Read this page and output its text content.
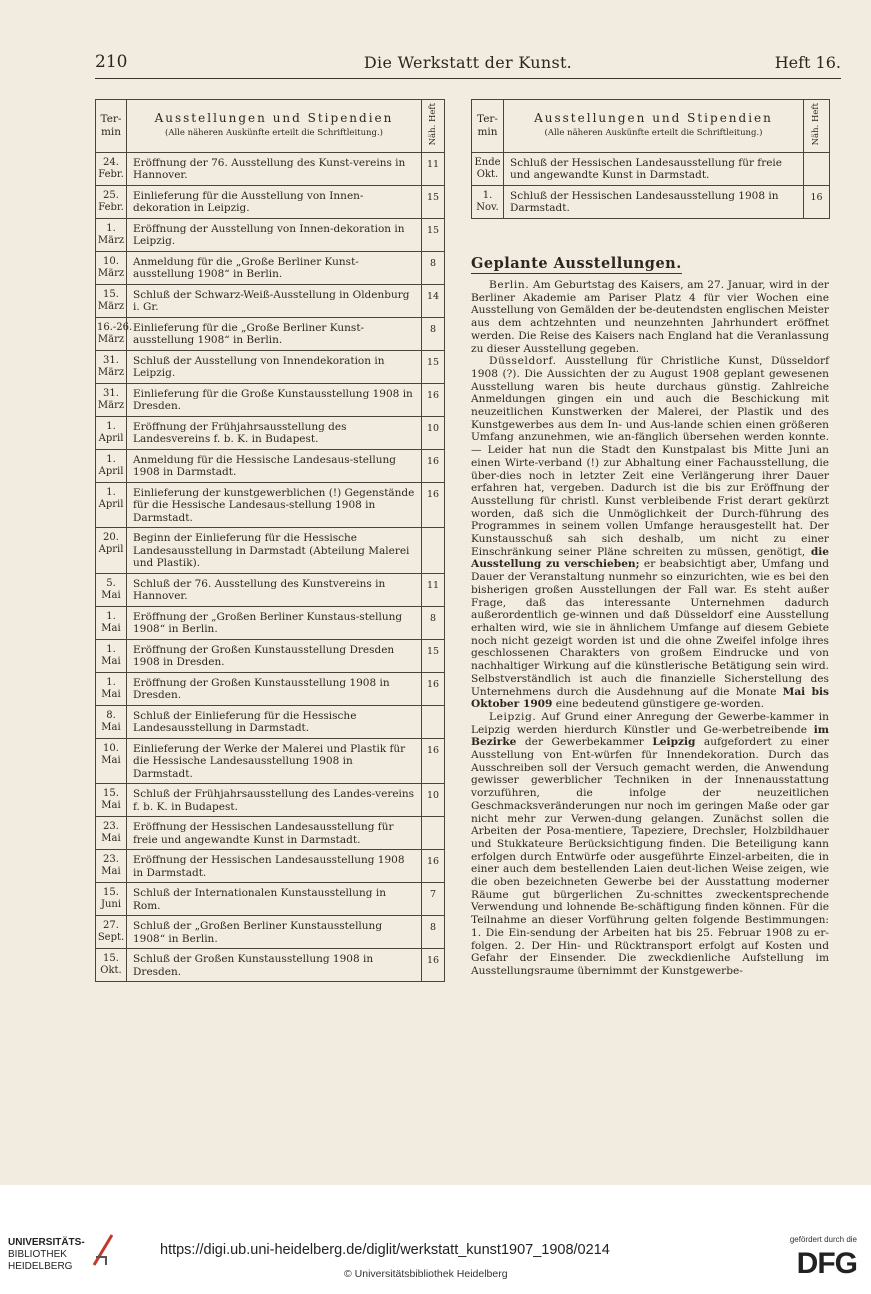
210	Die Werkstatt der Kunst.	Heft 16.
Ter-
min	Ausstellungen und Stipendien
(Alle näheren Auskünfte erteilt die Schriftleitung.)	Näh. Heft
24.
Febr.	Eröffnung der 76. Ausstellung des Kunst-vereins in Hannover.	11
25.
Febr.	Einlieferung für die Ausstellung von Innen-dekoration in Leipzig.	15
1.
März	Eröffnung der Ausstellung von Innen-dekoration in Leipzig.	15
10.
März	Anmeldung für die „Große Berliner Kunst-ausstellung 1908“ in Berlin.	8
15.
März	Schluß der Schwarz-Weiß-Ausstellung in Oldenburg i. Gr.	14
16.-26.
März	Einlieferung für die „Große Berliner Kunst-ausstellung 1908“ in Berlin.	8
31.
März	Schluß der Ausstellung von Innendekoration in Leipzig.	15
31.
März	Einlieferung für die Große Kunstausstellung 1908 in Dresden.	16
1.
April	Eröffnung der Frühjahrsausstellung des Landesvereins f. b. K. in Budapest.	10
1.
April	Anmeldung für die Hessische Landesaus-stellung 1908 in Darmstadt.	16
1.
April	Einlieferung der kunstgewerblichen (!) Gegenstände für die Hessische Landesaus-stellung 1908 in Darmstadt.	16
20.
April	Beginn der Einlieferung für die Hessische Landesausstellung in Darmstadt (Abteilung Malerei und Plastik).	
5.
Mai	Schluß der 76. Ausstellung des Kunstvereins in Hannover.	11
1.
Mai	Eröffnung der „Großen Berliner Kunstaus-stellung 1908“ in Berlin.	8
1.
Mai	Eröffnung der Großen Kunstausstellung Dresden 1908 in Dresden.	15
1.
Mai	Eröffnung der Großen Kunstausstellung 1908 in Dresden.	16
8.
Mai	Schluß der Einlieferung für die Hessische Landesausstellung in Darmstadt.	
10.
Mai	Einlieferung der Werke der Malerei und Plastik für die Hessische Landesausstellung 1908 in Darmstadt.	16
15.
Mai	Schluß der Frühjahrsausstellung des Landes-vereins f. b. K. in Budapest.	10
23.
Mai	Eröffnung der Hessischen Landesausstellung für freie und angewandte Kunst in Darmstadt.	
23.
Mai	Eröffnung der Hessischen Landesausstellung 1908 in Darmstadt.	16
15.
Juni	Schluß der Internationalen Kunstausstellung in Rom.	7
27.
Sept.	Schluß der „Großen Berliner Kunstausstellung 1908“ in Berlin.	8
15.
Okt.	Schluß der Großen Kunstausstellung 1908 in Dresden.	16
Ter-
min	Ausstellungen und Stipendien
(Alle näheren Auskünfte erteilt die Schriftleitung.)	Näh. Heft
Ende
Okt.	Schluß der Hessischen Landesausstellung für freie und angewandte Kunst in Darmstadt.	
1.
Nov.	Schluß der Hessischen Landesausstellung 1908 in Darmstadt.	16
Geplante Ausstellungen.

Berlin. Am Geburtstag des Kaisers, am 27. Januar, wird in der Berliner Akademie am Pariser Platz 4 für vier Wochen eine Ausstellung von Gemälden der be-deutendsten englischen Meister aus dem achtzehnten und neunzehnten Jahrhundert eröffnet werden. Die Reise des Kaisers nach England hat die Veranlassung zu dieser Ausstellung gegeben.

Düsseldorf. Ausstellung für Christliche Kunst, Düsseldorf 1908 (?). Die Aussichten der zu August 1908 geplant gewesenen Ausstellung waren bis heute durchaus günstig. Zahlreiche Anmeldungen gingen ein und auch die Beschickung mit neuzeitlichen Kunstwerken der Malerei, der Plastik und des Kunstgewerbes aus dem In- und Aus-lande schien einen größeren Umfang anzunehmen, wie an-fänglich übersehen werden konnte. — Leider hat nun die Stadt den Kunstpalast bis Mitte Juni an einen Wirte-verband (!) zur Abhaltung einer Fachausstellung, die über-dies noch in letzter Zeit eine Verlängerung ihrer Dauer erfahren hat, vergeben. Dadurch ist die bis zur Eröffnung der Ausstellung für christl. Kunst verbleibende Frist derart gekürzt worden, daß sich die Unmöglichkeit der Durch-führung des Programmes in seinem vollen Umfange herausgestellt hat. Der Kunstausschuß sah sich deshalb, um nicht zu einer Einschränkung seiner Pläne schreiten zu müssen, genötigt, die Ausstellung zu verschieben; er beabsichtigt aber, Umfang und Dauer der Veranstaltung nunmehr so einzurichten, wie es bei den bisherigen großen Ausstellungen der Fall war. Es steht außer Frage, daß das interessante Unternehmen dadurch außerordentlich ge-winnen und daß Düsseldorf eine Ausstellung erhalten wird, wie sie in ähnlichem Umfange auf diesem Gebiete noch nicht gezeigt worden ist und die ohne Zweifel infolge ihres geschlossenen Charakters von großem Eindrucke und von nachhaltiger Wirkung auf die künstlerische Betätigung sein wird. Selbstverständlich ist auch die finanzielle Sicherstellung des Unternehmens durch die Ausdehnung auf die Monate Mai bis Oktober 1909 eine bedeutend günstigere ge-worden.

Leipzig. Auf Grund einer Anregung der Gewerbe-kammer in Leipzig werden hierdurch Künstler und Ge-werbetreibende im Bezirke der Gewerbekammer Leipzig aufgefordert zu einer Ausstellung von Ent-würfen für Innendekoration. Durch das Ausschreiben soll der Versuch gemacht werden, die Anwendung gewisser gewerblicher Techniken in der Innenausstattung vorzuführen, die infolge der neuzeitlichen Geschmacksveränderungen nur noch im geringen Maße oder gar nicht mehr zur Verwen-dung gelangen. Zunächst sollen die Arbeiten der Posa-mentiere, Tapeziere, Drechsler, Holzbildhauer und Stukkateure Berücksichtigung finden. Die Beteiligung kann erfolgen durch Entwürfe oder ausgeführte Einzel-arbeiten, die in einer auch dem bestellenden Laien deut-lichen Weise zeigen, wie die oben bezeichneten Gewerbe bei der Ausstattung moderner Räume gut bürgerlichen Zu-schnittes zweckentsprechende Verwendung und lohnende Be-schäftigung finden können. Für die Teilnahme an dieser Vorführung gelten folgende Bestimmungen: 1. Die Ein-sendung der Arbeiten hat bis 25. Februar 1908 zu er-folgen. 2. Der Hin- und Rücktransport erfolgt auf Kosten und Gefahr der Einsender. Die zweckdienliche Aufstellung im Ausstellungsraume übernimmt der Kunstgewerbe-

UNIVERSITÄTS-
BIBLIOTHEK
HEIDELBERG
https://digi.ub.uni-heidelberg.de/diglit/werkstatt_kunst1907_1908/0214
© Universitätsbibliothek Heidelberg
gefördert durch die
DFG
